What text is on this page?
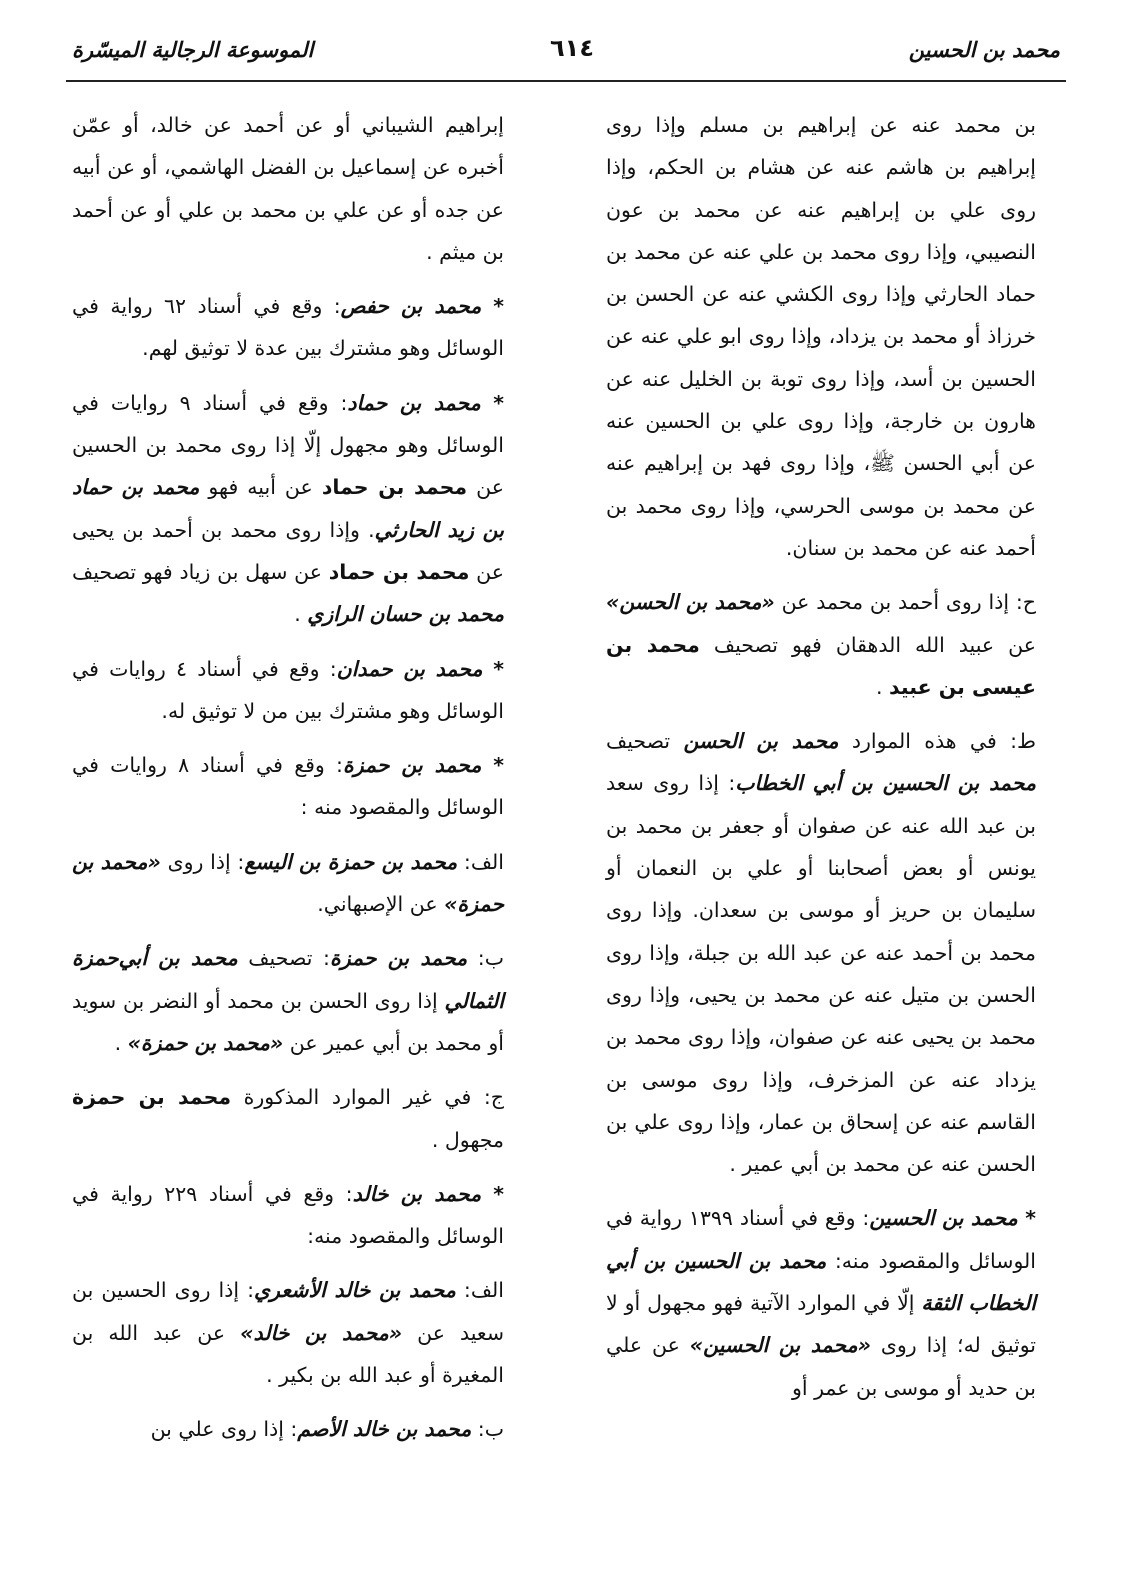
محمد بن الحسين
٦١٤
الموسوعة الرجالية الميسّرة

بن محمد عنه عن إبراهيم بن مسلم وإذا روى إبراهيم بن هاشم عنه عن هشام بن الحكم، وإذا روى علي بن إبراهيم عنه عن محمد بن عون النصيبي، وإذا روى محمد بن علي عنه عن محمد بن حماد الحارثي وإذا روى الكشي عنه عن الحسن بن خرزاذ أو محمد بن يزداد، وإذا روى ابو علي عنه عن الحسين بن أسد، وإذا روى توبة بن الخليل عنه عن هارون بن خارجة، وإذا روى علي بن الحسين عنه عن أبي الحسن ﷺ، وإذا روى فهد بن إبراهيم عنه عن محمد بن موسى الحرسي، وإذا روى محمد بن أحمد عنه عن محمد بن سنان.

ح: إذا روى أحمد بن محمد عن «محمد بن الحسن» عن عبيد الله الدهقان فهو تصحيف محمد بن عيسى بن عبيد .

ط: في هذه الموارد محمد بن الحسن تصحيف محمد بن الحسين بن أبي الخطاب: إذا روى سعد بن عبد الله عنه عن صفوان أو جعفر بن محمد بن يونس أو بعض أصحابنا أو علي بن النعمان أو سليمان بن حريز أو موسى بن سعدان. وإذا روى محمد بن أحمد عنه عن عبد الله بن جبلة، وإذا روى الحسن بن متيل عنه عن محمد بن يحيى، وإذا روى محمد بن يحيى عنه عن صفوان، وإذا روى محمد بن يزداد عنه عن المزخرف، وإذا روى موسى بن القاسم عنه عن إسحاق بن عمار، وإذا روى علي بن الحسن عنه عن محمد بن أبي عمير .

* محمد بن الحسين: وقع في أسناد ١٣٩٩ رواية في الوسائل والمقصود منه: محمد بن الحسين بن أبي الخطاب الثقة إلّا في الموارد الآتية فهو مجهول أو لا توثيق له؛ إذا روى «محمد بن الحسين» عن علي بن حديد أو موسى بن عمر أو

إبراهيم الشيباني أو عن أحمد عن خالد، أو عمّن أخبره عن إسماعيل بن الفضل الهاشمي، أو عن أبيه عن جده أو عن علي بن محمد بن علي أو عن أحمد بن ميثم .

* محمد بن حفص: وقع في أسناد ٦٢ رواية في الوسائل وهو مشترك بين عدة لا توثيق لهم.

* محمد بن حماد: وقع في أسناد ٩ روايات في الوسائل وهو مجهول إلّا إذا روى محمد بن الحسين عن محمد بن حماد عن أبيه فهو محمد بن حماد بن زيد الحارثي. وإذا روى محمد بن أحمد بن يحيى عن محمد بن حماد عن سهل بن زياد فهو تصحيف محمد بن حسان الرازي .

* محمد بن حمدان: وقع في أسناد ٤ روايات في الوسائل وهو مشترك بين من لا توثيق له.

* محمد بن حمزة: وقع في أسناد ٨ روايات في الوسائل والمقصود منه :

الف: محمد بن حمزة بن اليسع: إذا روى «محمد بن حمزة» عن الإصبهاني.

ب: محمد بن حمزة: تصحيف محمد بن أبي‌حمزة الثمالي إذا روى الحسن بن محمد أو النضر بن سويد أو محمد بن أبي عمير عن «محمد بن حمزة» .

ج: في غير الموارد المذكورة محمد بن حمزة مجهول .

* محمد بن خالد: وقع في أسناد ٢٢٩ رواية في الوسائل والمقصود منه:

الف: محمد بن خالد الأشعري: إذا روى الحسين بن سعيد عن «محمد بن خالد» عن عبد الله بن المغيرة أو عبد الله بن بكير .

ب: محمد بن خالد الأصم: إذا روى علي بن
